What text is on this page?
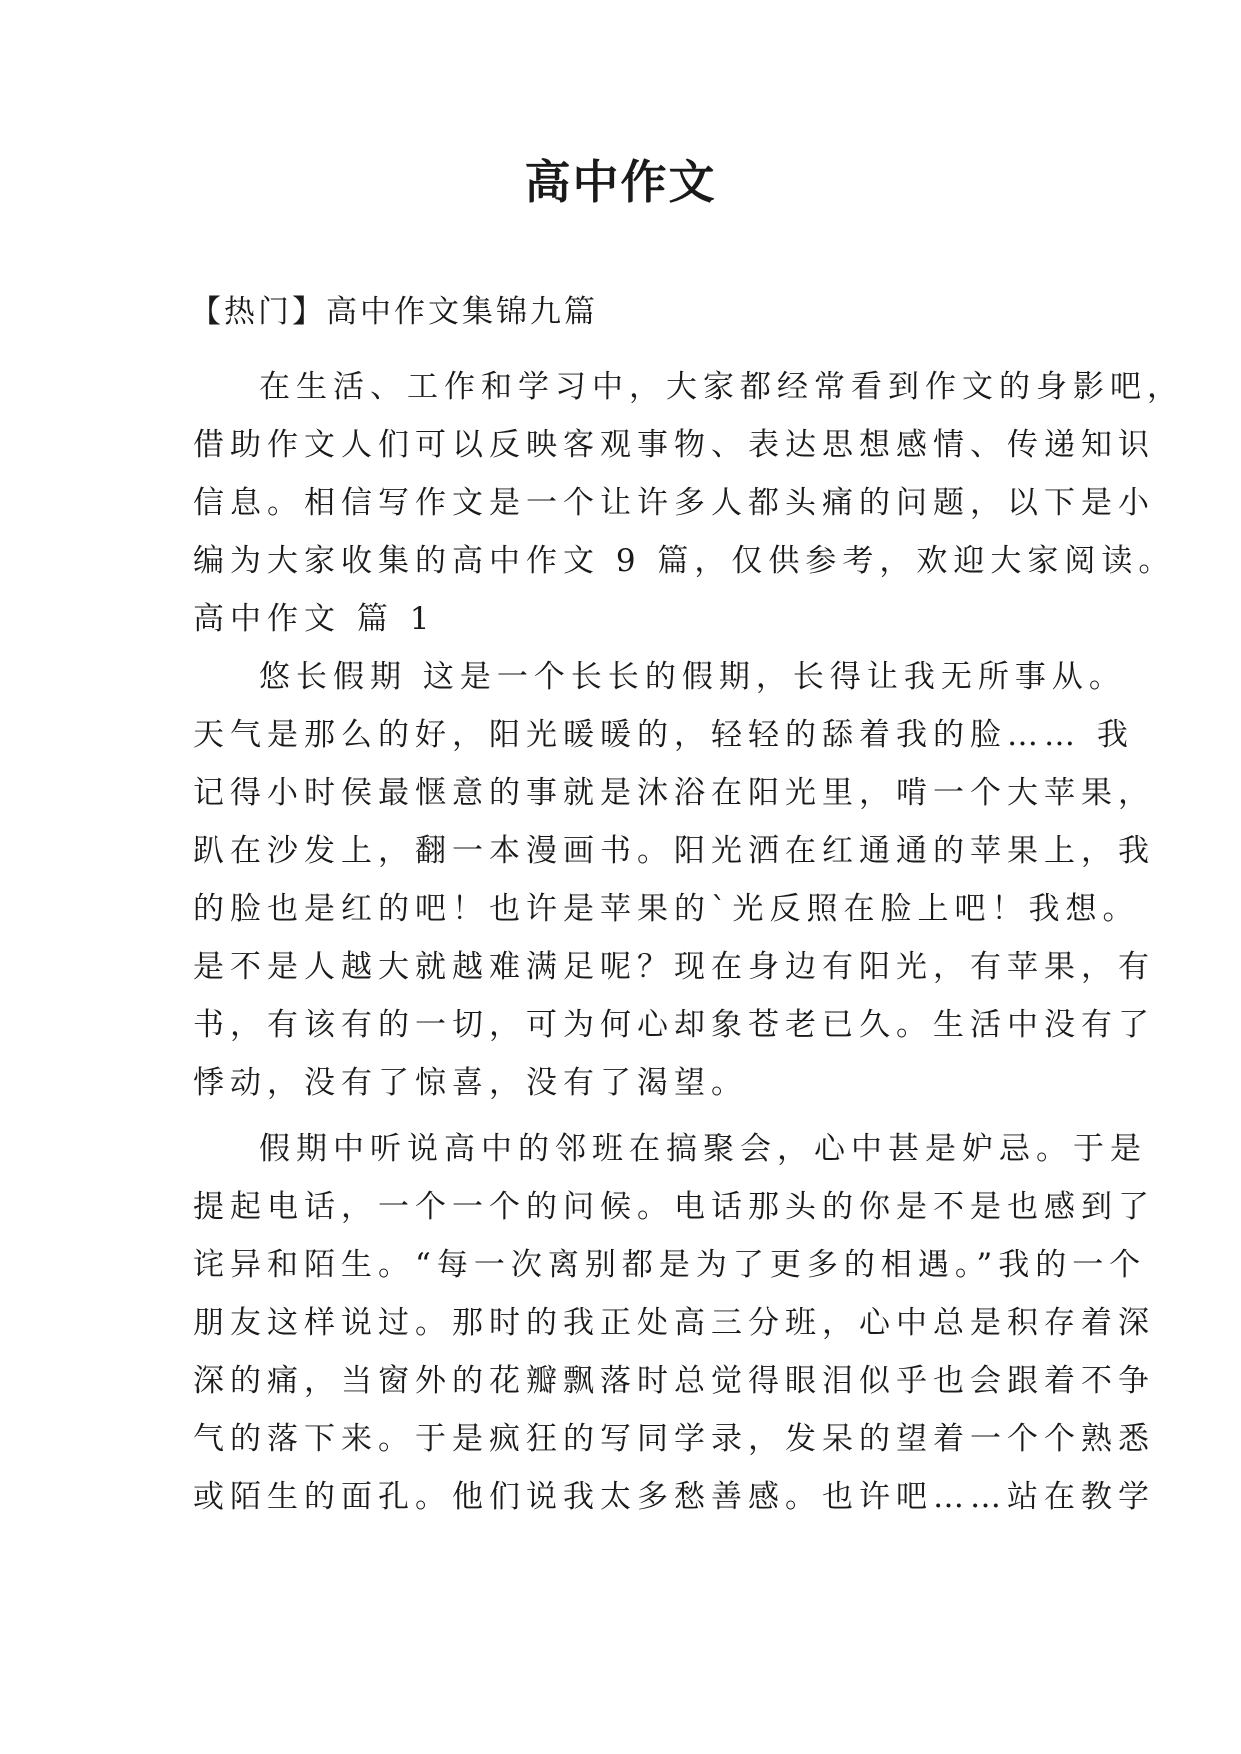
高中作文
【热门】高中作文集锦九篇
在生活、工作和学习中，大家都经常看到作文的身影吧，
借助作文人们可以反映客观事物、表达思想感情、传递知识
信息。相信写作文是一个让许多人都头痛的问题，以下是小
编为大家收集的高中作文 9 篇，仅供参考，欢迎大家阅读。
高中作文 篇 1
悠长假期 这是一个长长的假期，长得让我无所事从。
天气是那么的好，阳光暖暖的，轻轻的舔着我的脸…… 我
记得小时侯最惬意的事就是沐浴在阳光里，啃一个大苹果，
趴在沙发上，翻一本漫画书。阳光洒在红通通的苹果上，我
的脸也是红的吧！也许是苹果的`光反照在脸上吧！我想。
是不是人越大就越难满足呢？现在身边有阳光，有苹果，有
书，有该有的一切，可为何心却象苍老已久。生活中没有了
悸动，没有了惊喜，没有了渴望。
假期中听说高中的邻班在搞聚会，心中甚是妒忌。于是
提起电话，一个一个的问候。电话那头的你是不是也感到了
诧异和陌生。“每一次离别都是为了更多的相遇。”我的一个
朋友这样说过。那时的我正处高三分班，心中总是积存着深
深的痛，当窗外的花瓣飘落时总觉得眼泪似乎也会跟着不争
气的落下来。于是疯狂的写同学录，发呆的望着一个个熟悉
或陌生的面孔。他们说我太多愁善感。也许吧……站在教学
